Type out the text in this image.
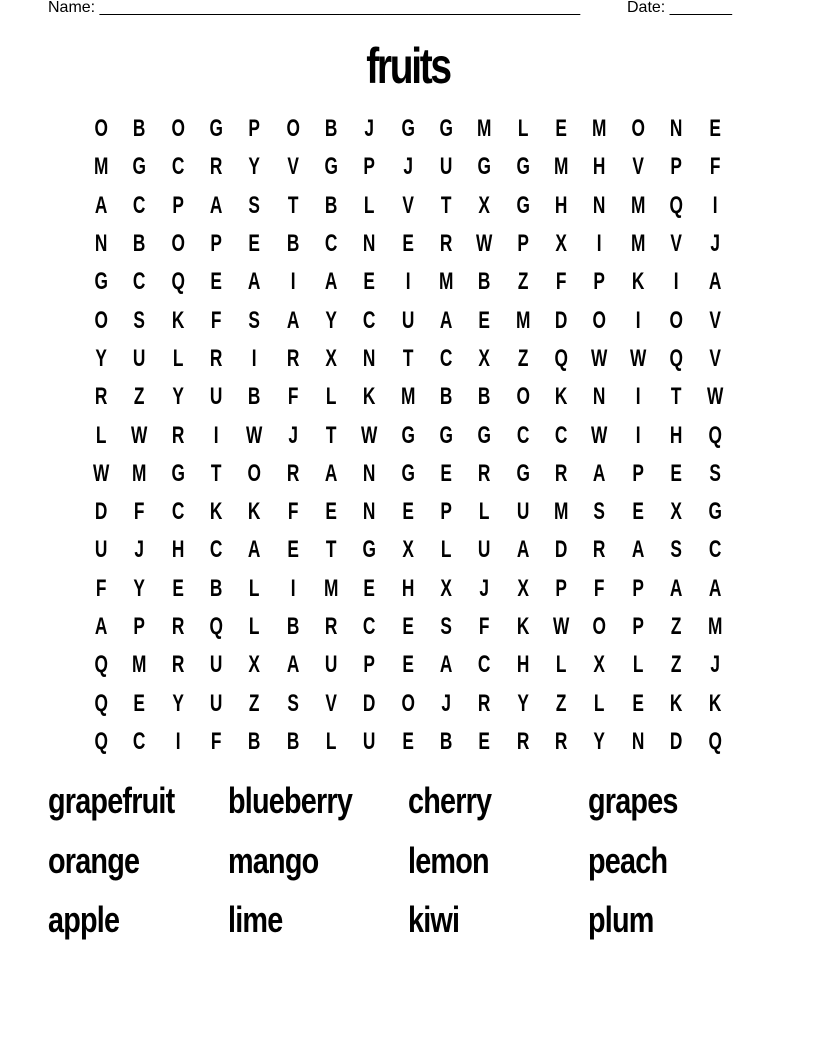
Name: ______________________________________________________	Date: _______
fruits
O	B	O G	P	O	B	J	G G M	L	E	M O	N	E
M G	C	R	Y	V	G	P	J	U	G G M	H	V	P	F
A	C	P	A	S	T	B	L	V	T	X	G	H	N	M Q	I
N	B	O	P	E	B	C	N	E	R W	P	X	I	M	V	J
G	C	Q	E	A	I	A	E	I	M	B	Z	F	P	K	I	A
O	S	K	F	S	A	Y	C	U	A	E	M	D	O	I	O	V
Y	U	L	R	I	R	X	N	T	C	X	Z	Q W W Q	V
R	Z	Y	U	B	F	L	K	M	B	B	O	K	N	I	T	W
L	W R	I	W	J	T	W G G G	C	C W	I	H	Q
W M G	T	O	R	A	N	G	E	R	G	R	A	P	E	S
D	F	C	K	K	F	E	N	E	P	L	U	M	S	E	X	G
U	J	H	C	A	E	T	G	X	L	U	A	D	R	A	S	C
F	Y	E	B	L	I	M	E	H	X	J	X	P	F	P	A	A
A	P	R	Q	L	B	R	C	E	S	F	K W O	P	Z	M
Q M	R	U	X	A	U	P	E	A	C	H	L	X	L	Z	J
Q	E	Y	U	Z	S	V	D	O	J	R	Y	Z	L	E	K	K
Q	C	I	F	B	B	L	U	E	B	E	R	R	Y	N	D	Q
grapefruit	blueberry	cherry	grapes
orange	mango	lemon	peach
apple	lime	kiwi	plum
